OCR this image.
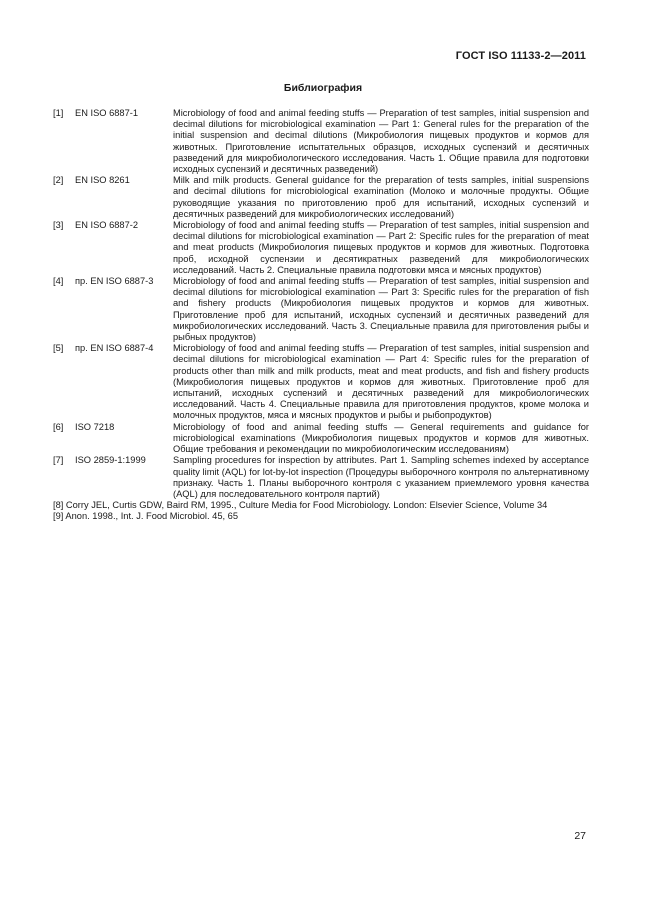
ГОСТ ISO 11133-2—2011
Библиография
[1]	EN ISO 6887-1	Microbiology of food and animal feeding stuffs — Preparation of test samples, initial suspension and decimal dilutions for microbiological examination — Part 1: General rules for the preparation of the initial suspension and decimal dilutions (Микробиология пищевых продуктов и кормов для животных. Приготовление испытательных образцов, исходных суспензий и десятичных разведений для микробиологического исследования. Часть 1. Общие правила для подготовки исходных суспензий и десятичных разведений)
[2]	EN ISO 8261	Milk and milk products. General guidance for the preparation of tests samples, initial suspensions and decimal dilutions for microbiological examination (Молоко и молочные продукты. Общие руководящие указания по приготовлению проб для испытаний, исходных суспензий и десятичных разведений для микробиологических исследований)
[3]	EN ISO 6887-2	Microbiology of food and animal feeding stuffs — Preparation of test samples, initial suspension and decimal dilutions for microbiological examination — Part 2: Specific rules for the preparation of meat and meat products (Микробиология пищевых продуктов и кормов для животных. Подготовка проб, исходной суспензии и десятикратных разведений для микробиологических исследований. Часть 2. Специальные правила подготовки мяса и мясных продуктов)
[4]	пр. EN ISO 6887-3	Microbiology of food and animal feeding stuffs — Preparation of test samples, initial suspension and decimal dilutions for microbiological examination — Part 3: Specific rules for the preparation of fish and fishery products (Микробиология пищевых продуктов и кормов для животных. Приготовление проб для испытаний, исходных суспензий и десятичных разведений для микробиологических исследований. Часть 3. Специальные правила для приготовления рыбы и рыбных продуктов)
[5]	пр. EN ISO 6887-4	Microbiology of food and animal feeding stuffs — Preparation of test samples, initial suspension and decimal dilutions for microbiological examination — Part 4: Specific rules for the preparation of products other than milk and milk products, meat and meat products, and fish and fishery products (Микробиология пищевых продуктов и кормов для животных. Приготовление проб для испытаний, исходных суспензий и десятичных разведений для микробиологических исследований. Часть 4. Специальные правила для приготовления продуктов, кроме молока и молочных продуктов, мяса и мясных продуктов и рыбы и рыбопродуктов)
[6]	ISO 7218	Microbiology of food and animal feeding stuffs — General requirements and guidance for microbiological examinations (Микробиология пищевых продуктов и кормов для животных. Общие требования и рекомендации по микробиологическим исследованиям)
[7]	ISO 2859-1:1999	Sampling procedures for inspection by attributes. Part 1. Sampling schemes indexed by acceptance quality limit (AQL) for lot-by-lot inspection (Процедуры выборочного контроля по альтернативному признаку. Часть 1. Планы выборочного контроля с указанием приемлемого уровня качества (AQL) для последовательного контроля партий)
[8] Corry JEL, Curtis GDW, Baird RM, 1995., Culture Media for Food Microbiology. London: Elsevier Science, Volume 34
[9] Anon. 1998., Int. J. Food Microbiol. 45, 65
27
